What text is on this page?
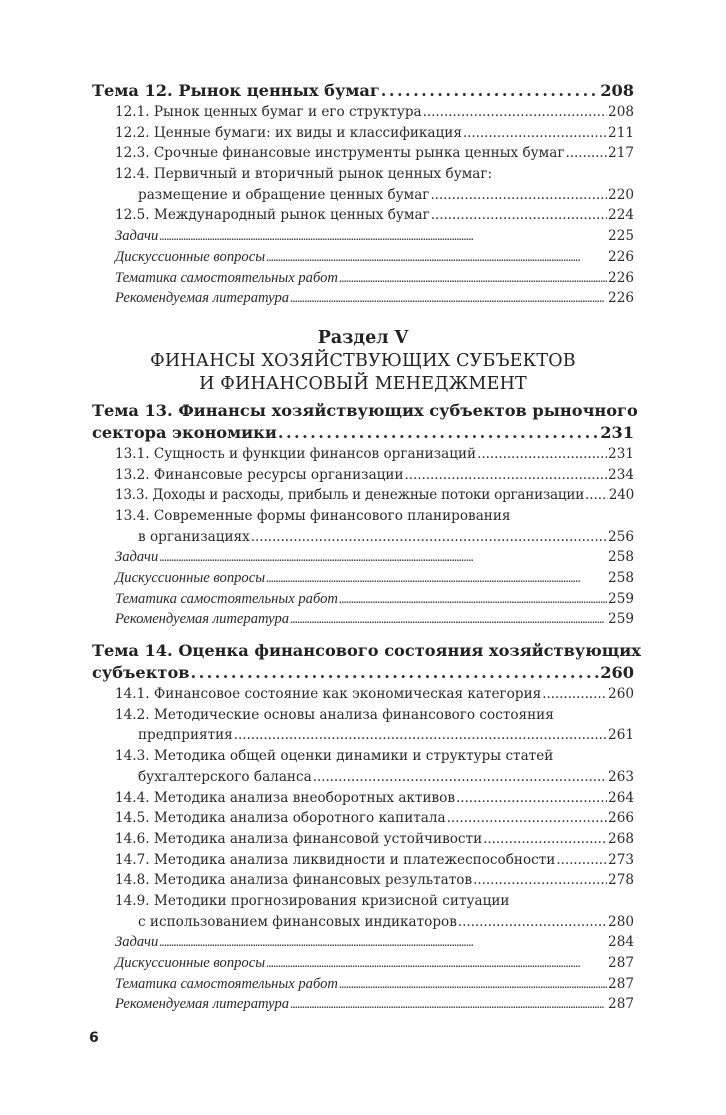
Тема 12. Рынок ценных бумаг . . .	208
12.1. Рынок ценных бумаг и его структура . . .	208
12.2. Ценные бумаги: их виды и классификация . . .	211
12.3. Срочные финансовые инструменты рынка ценных бумаг . . .	217
12.4. Первичный и вторичный рынок ценных бумаг:
размещение и обращение ценных бумаг . . .	220
12.5. Международный рынок ценных бумаг . . .	224
Задачи . . .	225
Дискуссионные вопросы . . .	226
Тематика самостоятельных работ . . .	226
Рекомендуемая литература . . .	226
Раздел V
ФИНАНСЫ ХОЗЯЙСТВУЮЩИХ СУБЪЕКТОВ
И ФИНАНСОВЫЙ МЕНЕДЖМЕНТ
Тема 13. Финансы хозяйствующих субъектов рыночного
сектора экономики . . .	231
13.1. Сущность и функции финансов организаций . . .	231
13.2. Финансовые ресурсы организации . . .	234
13.3. Доходы и расходы, прибыль и денежные потоки организации . . . 240
13.4. Современные формы финансового планирования
в организациях . . .	256
Задачи . . .	258
Дискуссионные вопросы . . .	258
Тематика самостоятельных работ . . .	259
Рекомендуемая литература . . .	259
Тема 14. Оценка финансового состояния хозяйствующих
субъектов . . .	260
14.1. Финансовое состояние как экономическая категория . . .	260
14.2. Методические основы анализа финансового состояния
предприятия . . .	261
14.3. Методика общей оценки динамики и структуры статей
бухгалтерского баланса . . .	263
14.4. Методика анализа внеоборотных активов . . .	264
14.5. Методика анализа оборотного капитала . . .	266
14.6. Методика анализа финансовой устойчивости . . .	268
14.7. Методика анализа ликвидности и платежеспособности . . .	273
14.8. Методика анализа финансовых результатов . . .	278
14.9. Методики прогнозирования кризисной ситуации
с использованием финансовых индикаторов . . .	280
Задачи . . .	284
Дискуссионные вопросы . . .	287
Тематика самостоятельных работ . . .	287
Рекомендуемая литература . . .	287
6
